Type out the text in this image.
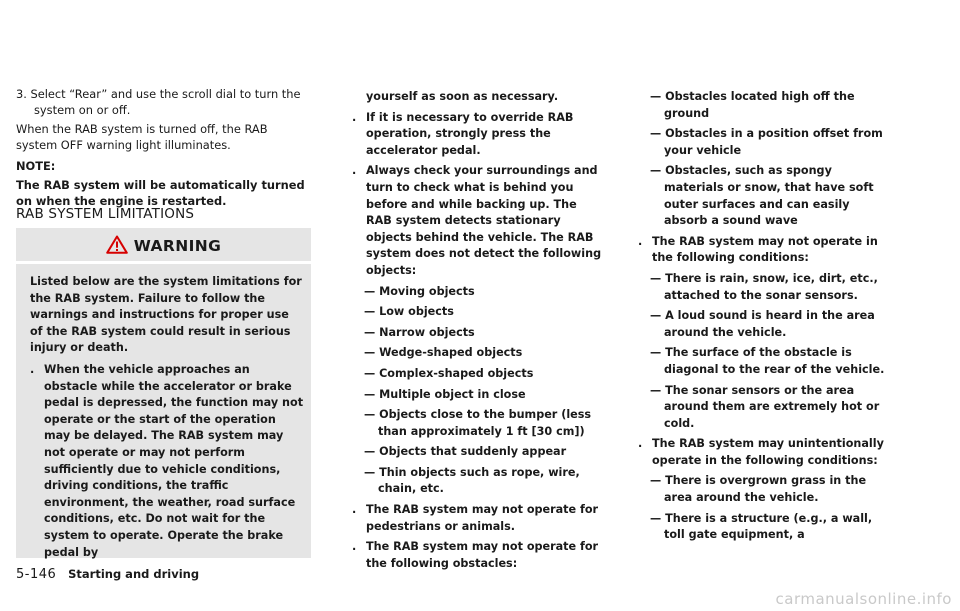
3. Select “Rear” and use the scroll dial to turn the system on or off.

When the RAB system is turned off, the RAB system OFF warning light illuminates.

NOTE:

The RAB system will be automatically turned on when the engine is restarted.

RAB SYSTEM LIMITATIONS
WARNING

Listed below are the system limitations for the RAB system. Failure to follow the warnings and instructions for proper use of the RAB system could result in serious injury or death.

. When the vehicle approaches an obstacle while the accelerator or brake pedal is depressed, the function may not operate or the start of the operation may be delayed. The RAB system may not operate or may not perform sufficiently due to vehicle conditions, driving conditions, the traffic environment, the weather, road surface conditions, etc. Do not wait for the system to operate. Operate the brake pedal by

yourself as soon as necessary.

. If it is necessary to override RAB operation, strongly press the accelerator pedal.
. Always check your surroundings and turn to check what is behind you before and while backing up. The RAB system detects stationary objects behind the vehicle. The RAB system does not detect the following objects:
— Moving objects
— Low objects
— Narrow objects
— Wedge-shaped objects
— Complex-shaped objects
— Multiple object in close
— Objects close to the bumper (less than approximately 1 ft [30 cm])
— Objects that suddenly appear
— Thin objects such as rope, wire, chain, etc.
. The RAB system may not operate for pedestrians or animals.
. The RAB system may not operate for the following obstacles:
— Obstacles located high off the ground
— Obstacles in a position offset from your vehicle
— Obstacles, such as spongy materials or snow, that have soft outer surfaces and can easily absorb a sound wave
. The RAB system may not operate in the following conditions:
— There is rain, snow, ice, dirt, etc., attached to the sonar sensors.
— A loud sound is heard in the area around the vehicle.
— The surface of the obstacle is diagonal to the rear of the vehicle.
— The sonar sensors or the area around them are extremely hot or cold.
. The RAB system may unintentionally operate in the following conditions:
— There is overgrown grass in the area around the vehicle.
— There is a structure (e.g., a wall, toll gate equipment, a
5-146 Starting and driving
carmanualsonline.info
